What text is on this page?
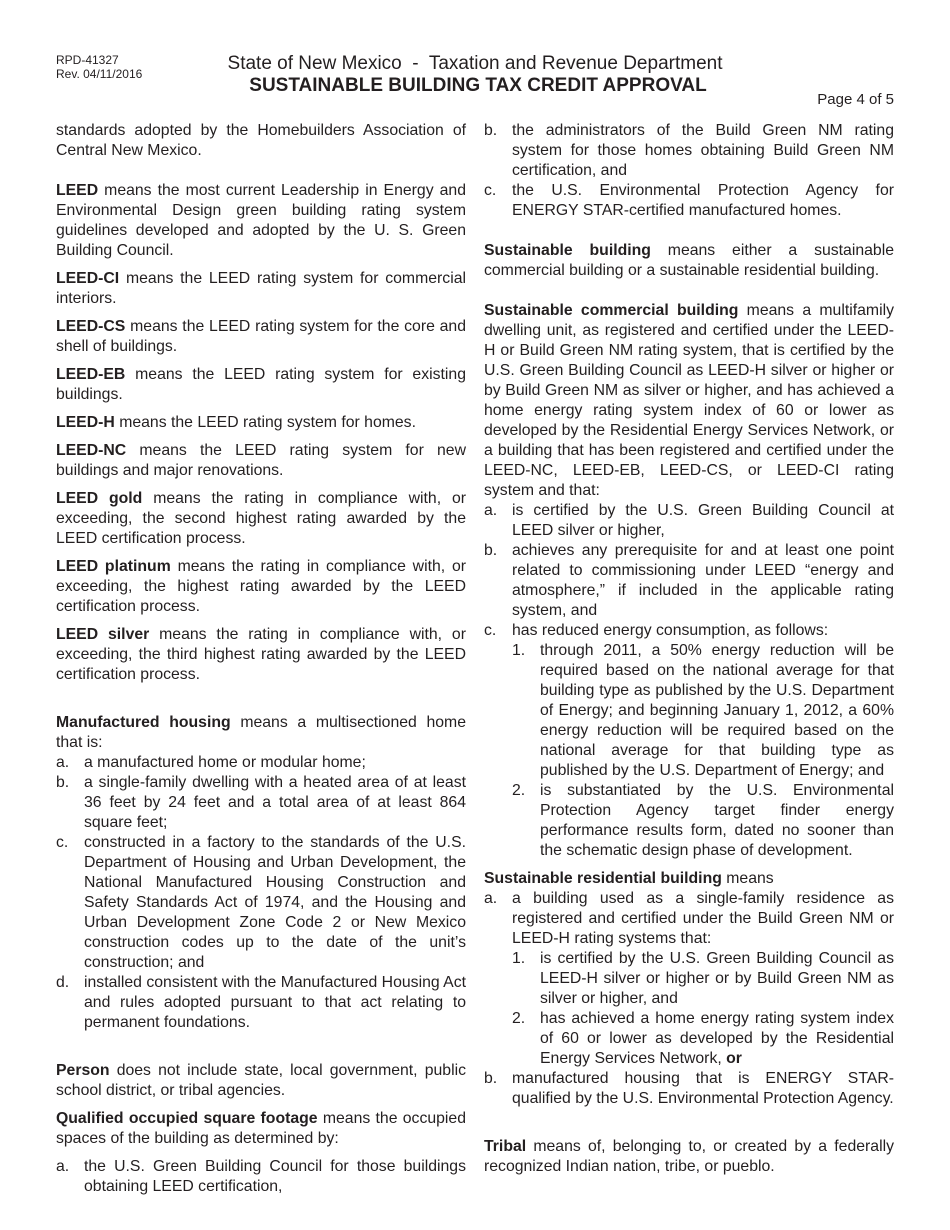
RPD-41327
Rev. 04/11/2016	State of New Mexico  -  Taxation and Revenue Department
SUSTAINABLE BUILDING TAX CREDIT APPROVAL
Page 4 of 5

standards adopted by the Homebuilders Association of Central New Mexico.

LEED means the most current Leadership in Energy and Environmental Design green building rating system guidelines developed and adopted by the U. S. Green Building Council.

LEED-CI means the LEED rating system for commercial interiors.

LEED-CS means the LEED rating system for the core and shell of buildings.

LEED-EB means the LEED rating system for existing buildings.

LEED-H means the LEED rating system for homes.

LEED-NC means the LEED rating system for new buildings and major renovations.

LEED gold means the rating in compliance with, or exceeding, the second highest rating awarded by the LEED certification process.

LEED platinum means the rating in compliance with, or exceeding, the highest rating awarded by the LEED certification process.

LEED silver means the rating in compliance with, or exceeding, the third highest rating awarded by the LEED certification process.

Manufactured housing means a multisectioned home that is:

a. a manufactured home or modular home;
b. a single-family dwelling with a heated area of at least 36 feet by 24 feet and a total area of at least 864 square feet;
c. constructed in a factory to the standards of the U.S. Department of Housing and Urban Development, the National Manufactured Housing Construction and Safety Standards Act of 1974, and the Housing and Urban Development Zone Code 2 or New Mexico construction codes up to the date of the unit’s construction; and
d. installed consistent with the Manufactured Housing Act and rules adopted pursuant to that act relating to permanent foundations.

Person does not include state, local government, public school district, or tribal agencies.

Qualified occupied square footage means the occupied spaces of the building as determined by:

a. the U.S. Green Building Council for those buildings obtaining LEED certification,
b. the administrators of the Build Green NM rating system for those homes obtaining Build Green NM certification, and
c. the U.S. Environmental Protection Agency for ENERGY STAR-certified manufactured homes.

Sustainable building means either a sustainable commercial building or a sustainable residential building.

Sustainable commercial building means a multifamily dwelling unit, as registered and certified under the LEED-H or Build Green NM rating system, that is certified by the U.S. Green Building Council as LEED-H silver or higher or by Build Green NM as silver or higher, and has achieved a home energy rating system index of 60 or lower as developed by the Residential Energy Services Network, or a building that has been registered and certified under the LEED-NC, LEED-EB, LEED-CS, or LEED-CI rating system and that:

a. is certified by the U.S. Green Building Council at LEED silver or higher,
b. achieves any prerequisite for and at least one point related to commissioning under LEED “energy and atmosphere,” if included in the applicable rating system, and
c. has reduced energy consumption, as follows:
1. through 2011, a 50% energy reduction will be required based on the national average for that building type as published by the U.S. Department of Energy; and beginning January 1, 2012, a 60% energy reduction will be required based on the national average for that building type as published by the U.S. Department of Energy; and
2. is substantiated by the U.S. Environmental Protection Agency target finder energy performance results form, dated no sooner than the schematic design phase of development.

Sustainable residential building means

a. a building used as a single-family residence as registered and certified under the Build Green NM or LEED-H rating systems that:
1. is certified by the U.S. Green Building Council as LEED-H silver or higher or by Build Green NM as silver or higher, and
2. has achieved a home energy rating system index of 60 or lower as developed by the Residential Energy Services Network, or
b. manufactured housing that is ENERGY STAR-qualified by the U.S. Environmental Protection Agency.

Tribal means of, belonging to, or created by a federally recognized Indian nation, tribe, or pueblo.
